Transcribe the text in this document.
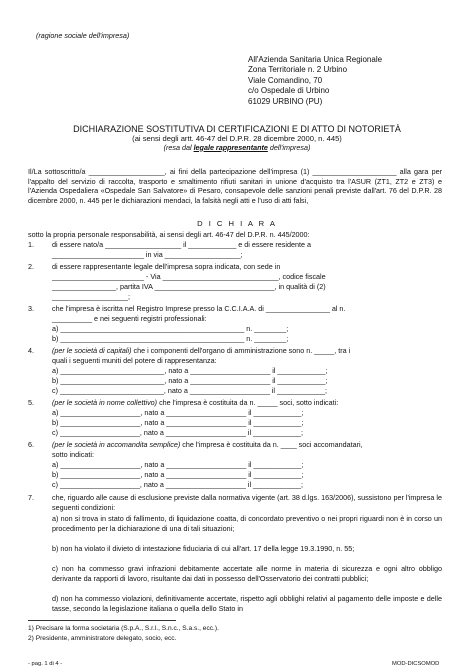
(ragione sociale dell'impresa)
All'Azienda Sanitaria Unica Regionale
Zona Territoriale n. 2 Urbino
Viale Comandino, 70
c/o Ospedale di Urbino
61029 URBINO (PU)
DICHIARAZIONE SOSTITUTIVA DI CERTIFICAZIONI E DI ATTO DI NOTORIETÀ
(ai sensi degli artt. 46-47 del D.P.R. 28 dicembre 2000, n. 445)
(resa dal legale rappresentante dell'impresa)
Il/La sottoscritto/a ___________________, ai fini della partecipazione dell'impresa (1) _____________________ alla gara per l'appalto del servizio di raccolta, trasporto e smaltimento rifiuti sanitari in unione d'acquisto tra l'ASUR (ZT1, ZT2 e ZT3) e l'Azienda Ospedaliera «Ospedale San Salvatore» di Pesaro, consapevole delle sanzioni penali previste dall'art. 76 del D.P.R. 28 dicembre 2000, n. 445 per le dichiarazioni mendaci, la falsità negli atti e l'uso di atti falsi,
D I C H I A R A
sotto la propria personale responsabilità, ai sensi degli art. 46-47 del D.P.R. n. 445/2000:
1.	di essere nato/a ___________________ il ____________ e di essere residente a
_______________________ in via ___________________;
2.	di essere rappresentante legale dell'impresa sopra indicata, con sede in
_______________________ - Via _____________________________, codice fiscale
________________, partita IVA ______________________________, in qualità di (2)
___________________;
3.	che l'impresa è iscritta nel Registro Imprese presso la C.C.I.A.A. di ________________ al n.
__________ e nei seguenti registri professionali:
a) ______________________________________________ n. ________;
b) ______________________________________________ n. ________;
4.	(per le società di capitali) che i componenti dell'organo di amministrazione sono n. _____, tra i
quali i seguenti muniti del potere di rappresentanza:
a) __________________________, nato a ____________________ il ____________;
b) __________________________, nato a ____________________ il ____________;
c) __________________________, nato a ____________________ il ____________;
5.	(per le società in nome collettivo) che l'impresa è costituita da n. _____ soci, sotto indicati:
a) ____________________, nato a ____________________ il ____________;
b) ____________________, nato a ____________________ il ____________;
c) ____________________, nato a ____________________ il ____________;
6.	(per le società in accomandita semplice) che l'impresa è costituita da n. ____ soci accomandatari,
sotto indicati:
a) ____________________, nato a ____________________ il ____________;
b) ____________________, nato a ____________________ il ____________;
c) ____________________, nato a ____________________ il ____________;
7.	che, riguardo alle cause di esclusione previste dalla normativa vigente (art. 38 d.lgs. 163/2006), sussistono per l'impresa le seguenti condizioni:
a) non si trova in stato di fallimento, di liquidazione coatta, di concordato preventivo o nei propri riguardi non è in corso un procedimento per la dichiarazione di una di tali situazioni;
b) non ha violato il divieto di intestazione fiduciaria di cui all'art. 17 della legge 19.3.1990, n. 55;
c) non ha commesso gravi infrazioni debitamente accertate alle norme in materia di sicurezza e ogni altro obbligo derivante da rapporti di lavoro, risultante dai dati in possesso dell'Osservatorio dei contratti pubblici;
d) non ha commesso violazioni, definitivamente accertate, rispetto agli obblighi relativi al pagamento delle imposte e delle tasse, secondo la legislazione italiana o quella dello Stato in
1) Precisare la forma societaria (S.p.A., S.r.l., S.n.c., S.a.s., ecc.).
2) Presidente, amministratore delegato, socio, ecc.
- pag. 1 di 4 -	MOD-DICSOMOD
